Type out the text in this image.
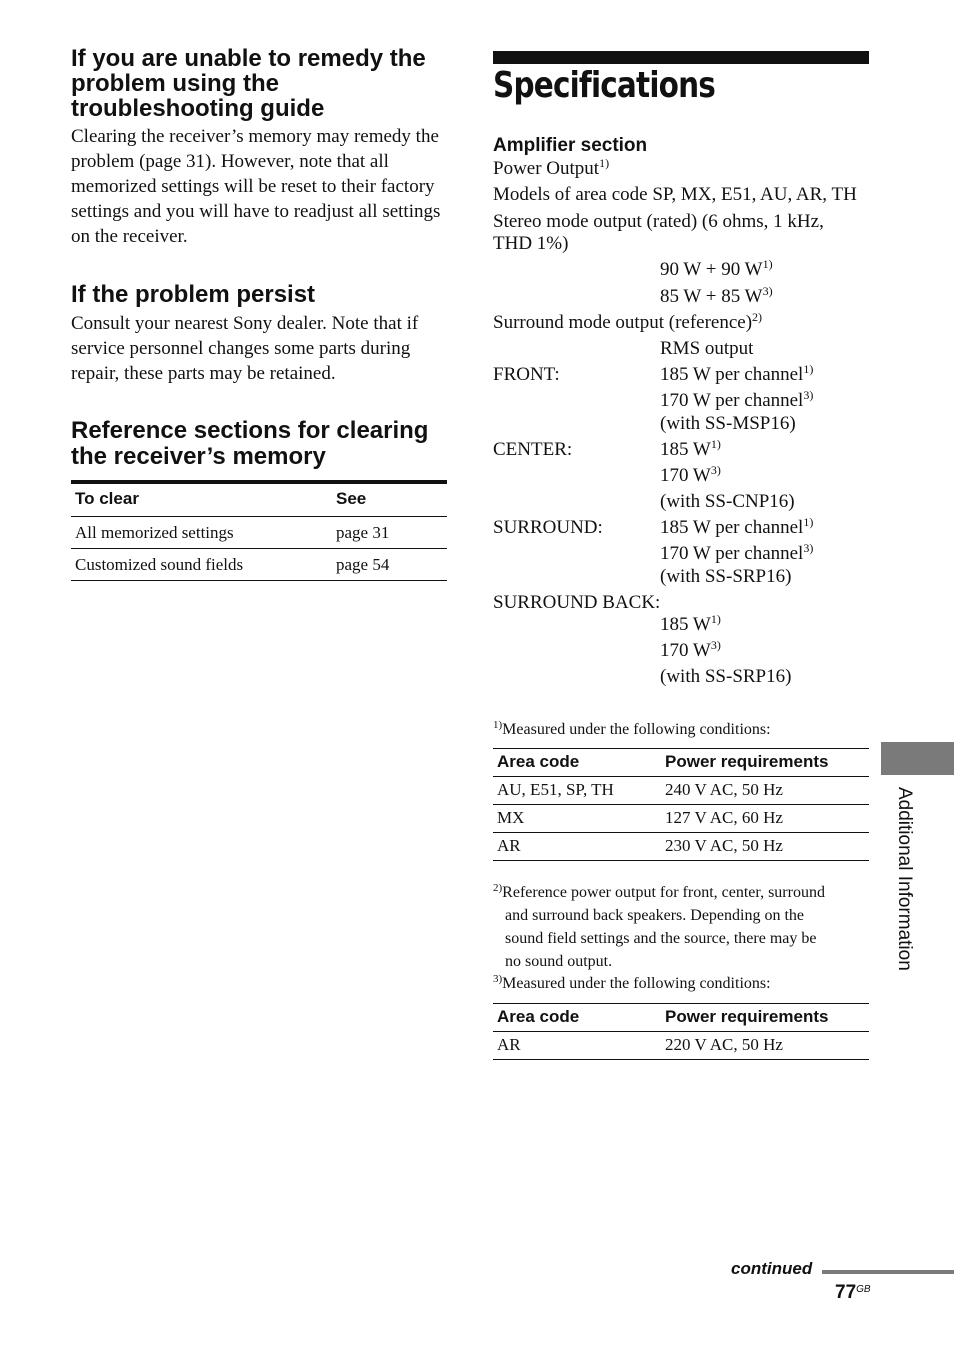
If you are unable to remedy the problem using the troubleshooting guide

Clearing the receiver’s memory may remedy the problem (page 31). However, note that all memorized settings will be reset to their factory settings and you will have to readjust all settings on the receiver.

If the problem persist

Consult your nearest Sony dealer. Note that if service personnel changes some parts during repair, these parts may be retained.

Reference sections for clearing the receiver’s memory
To clear	See
All memorized settings	page 31
Customized sound fields	page 54
Specifications
Amplifier section
Power Output$^{1)}$
Models of area code SP, MX, E51, AU, AR, TH
Stereo mode output (rated) (6 ohms, 1 kHz,
THD 1%)
90 W + 90 $W^{1)}$
85 W + 85 $W^{3)}$
Surround mode output (reference)$^{2)}$
RMS output
FRONT:	185 W per channel$^{1)}$
170 W per channel$^{3)}$
(with SS-MSP16)
CENTER:	185 $W^{1)}$
170 $W^{3)}$
(with SS-CNP16)
SURROUND:	185 W per channel$^{1)}$
170 W per channel$^{3)}$
(with SS-SRP16)
SURROUND BACK:
185 $W^{1)}$
170 $W^{3)}$
(with SS-SRP16)
$^{1)}$Measured under the following conditions:
Area code	Power requirements
AU, E51, SP, TH	240 V AC, 50 Hz
MX	127 V AC, 60 Hz
AR	230 V AC, 50 Hz
$^{2)}$Reference power output for front, center, surround
and surround back speakers. Depending on the
sound field settings and the source, there may be
no sound output.
$^{3)}$Measured under the following conditions:
Area code	Power requirements
AR	220 V AC, 50 Hz
Additional Information
continued
$77^{GB}$
